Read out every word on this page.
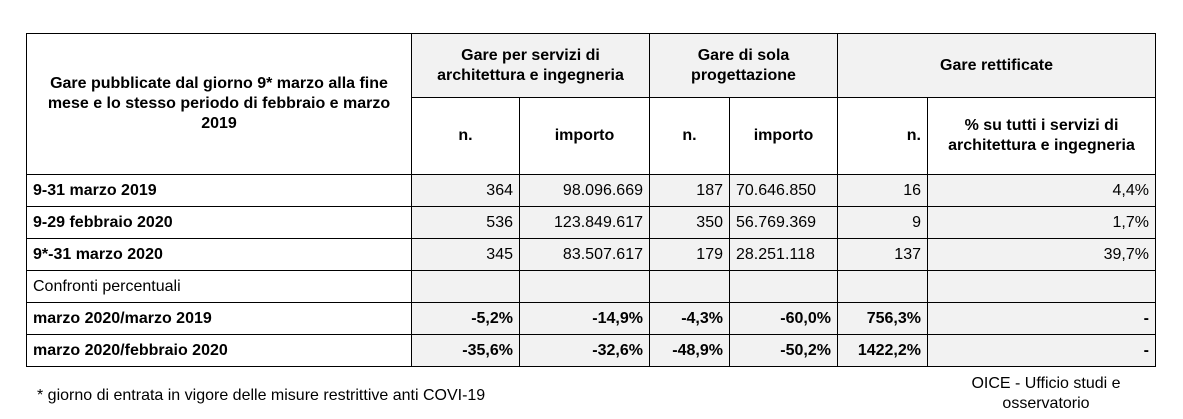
Gare pubblicate dal giorno 9* marzo alla fine mese e lo stesso periodo di febbraio e marzo 2019	Gare per servizi di architettura e ingegneria		Gare di sola progettazione		Gare rettificate	
	n.	importo	n.	importo	n.	% su tutti i servizi di architettura e ingegneria
9-31 marzo 2019	364	98.096.669	187	70.646.850	16	4,4%
9-29 febbraio 2020	536	123.849.617	350	56.769.369	9	1,7%
9*-31 marzo 2020	345	83.507.617	179	28.251.118	137	39,7%
Confronti percentuali						
marzo 2020/marzo 2019	-5,2%	-14,9%	-4,3%	-60,0%	756,3%	-
marzo 2020/febbraio 2020	-35,6%	-32,6%	-48,9%	-50,2%	1422,2%	-
* giorno di entrata in vigore delle misure restrittive anti COVI-19
OICE - Ufficio studi e osservatorio
